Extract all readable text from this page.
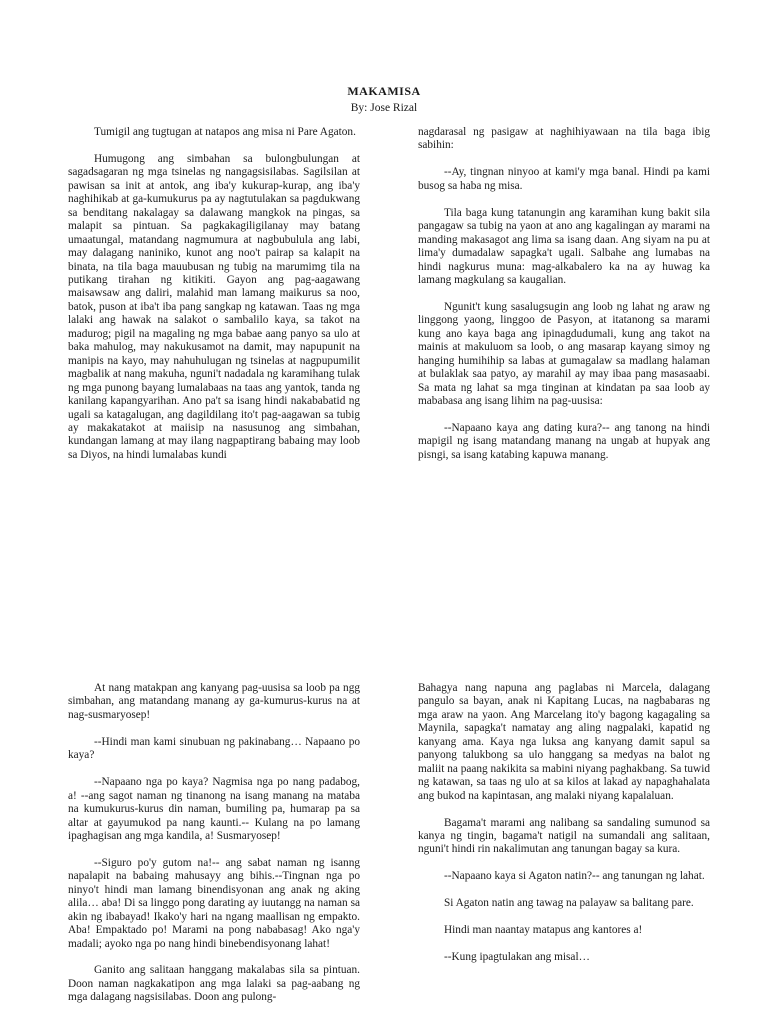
MAKAMISA
By: Jose Rizal

Tumigil ang tugtugan at natapos ang misa ni Pare Agaton.

Humugong ang simbahan sa bulongbulungan at sagadsagaran ng mga tsinelas ng nangagsisilabas. Sagilsilan at pawisan sa init at antok, ang iba'y kukurap-kurap, ang iba'y naghihikab at ga-kumukurus pa ay nagtutulakan sa pagdukwang sa benditang nakalagay sa dalawang mangkok na pingas, sa malapit sa pintuan. Sa pagkakagiligilanay may batang umaatungal, matandang nagmumura at nagbubulula ang labi, may dalagang naniniko, kunot ang noo't pairap sa kalapit na binata, na tila baga mauubusan ng tubig na marumimg tila na putikang tirahan ng kitikiti. Gayon ang pag-aagawang maisawsaw ang daliri, malahid man lamang maikurus sa noo, batok, puson at iba't iba pang sangkap ng katawan. Taas ng mga lalaki ang hawak na salakot o sambalilo kaya, sa takot na madurog; pigil na magaling ng mga babae aang panyo sa ulo at baka mahulog, may nakukusamot na damit, may napupunit na manipis na kayo, may nahuhulugan ng tsinelas at nagpupumilit magbalik at nang makuha, nguni't nadadala ng karamihang tulak ng mga punong bayang lumalabaas na taas ang yantok, tanda ng kanilang kapangyarihan. Ano pa't sa isang hindi nakababatid ng ugali sa katagalugan, ang dagildilang ito't pag-aagawan sa tubig ay makakatakot at maiisip na nasusunog ang simbahan, kundangan lamang at may ilang nagpaptirang babaing may loob sa Diyos, na hindi lumalabas kundi

nagdarasal ng pasigaw at naghihiyawaan na tila baga ibig sabihin:

--Ay, tingnan ninyoo at kami'y mga banal. Hindi pa kami busog sa haba ng misa.

Tila baga kung tatanungin ang karamihan kung bakit sila pangagaw sa tubig na yaon at ano ang kagalingan ay marami na manding makasagot ang lima sa isang daan. Ang siyam na pu at lima'y dumadalaw sapagka't ugali. Salbahe ang lumabas na hindi nagkurus muna: mag-alkabalero ka na ay huwag ka lamang magkulang sa kaugalian.

Ngunit't kung sasalugsugin ang loob ng lahat ng araw ng linggong yaong, linggoo de Pasyon, at itatanong sa marami kung ano kaya baga ang ipinagdudumali, kung ang takot na mainis at makuluom sa loob, o ang masarap kayang simoy ng hanging humihihip sa labas at gumagalaw sa madlang halaman at bulaklak saa patyo, ay marahil ay may ibaa pang masasaabi. Sa mata ng lahat sa mga tinginan at kindatan pa saa loob ay mababasa ang isang lihim na pag-uusisa:

--Napaano kaya ang dating kura?-- ang tanong na hindi mapigil ng isang matandang manang na ungab at hupyak ang pisngi, sa isang katabing kapuwa manang.

At nang matakpan ang kanyang pag-uusisa sa loob pa ngg simbahan, ang matandang manang ay ga-kumurus-kurus na at nag-susmaryosep!

--Hindi man kami sinubuan ng pakinabang… Napaano po kaya?

--Napaano nga po kaya? Nagmisa nga po nang padabog, a! --ang sagot naman ng tinanong na isang manang na mataba na kumukurus-kurus din naman, bumiling pa, humarap pa sa altar at gayumukod pa nang kaunti.-- Kulang na po lamang ipaghagisan ang mga kandila, a! Susmaryosep!

--Siguro po'y gutom na!-- ang sabat naman ng isanng napalapit na babaing mahusayy ang bihis.--Tingnan nga po ninyo't hindi man lamang binendisyonan ang anak ng aking alila… aba! Di sa linggo pong darating ay iuutangg na naman sa akin ng ibabayad! Ikako'y hari na ngang maallisan ng empakto. Aba! Empaktado po! Marami na pong nababasag! Ako nga'y madali; ayoko nga po nang hindi binebendisyonang lahat!

Ganito ang salitaan hanggang makalabas sila sa pintuan. Doon naman nagkakatipon ang mga lalaki sa pag-aabang ng mga dalagang nagsisilabas. Doon ang pulong-

Bahagya nang napuna ang paglabas ni Marcela, dalagang pangulo sa bayan, anak ni Kapitang Lucas, na nagbabaras ng mga araw na yaon. Ang Marcelang ito'y bagong kagagaling sa Maynila, sapagka't namatay ang aling nagpalaki, kapatid ng kanyang ama. Kaya nga luksa ang kanyang damit sapul sa panyong talukbong sa ulo hanggang sa medyas na balot ng maliit na paang nakikita sa mabini niyang paghakbang. Sa tuwid ng katawan, sa taas ng ulo at sa kilos at lakad ay napaghahalata ang bukod na kapintasan, ang malaki niyang kapalaluan.

Bagama't marami ang nalibang sa sandaling sumunod sa kanya ng tingin, bagama't natigil na sumandali ang salitaan, nguni't hindi rin nakalimutan ang tanungan bagay sa kura.

--Napaano kaya si Agaton natin?-- ang tanungan ng lahat.

Si Agaton natin ang tawag na palayaw sa balitang pare.

Hindi man naantay matapus ang kantores a!

--Kung ipagtulakan ang misal…
